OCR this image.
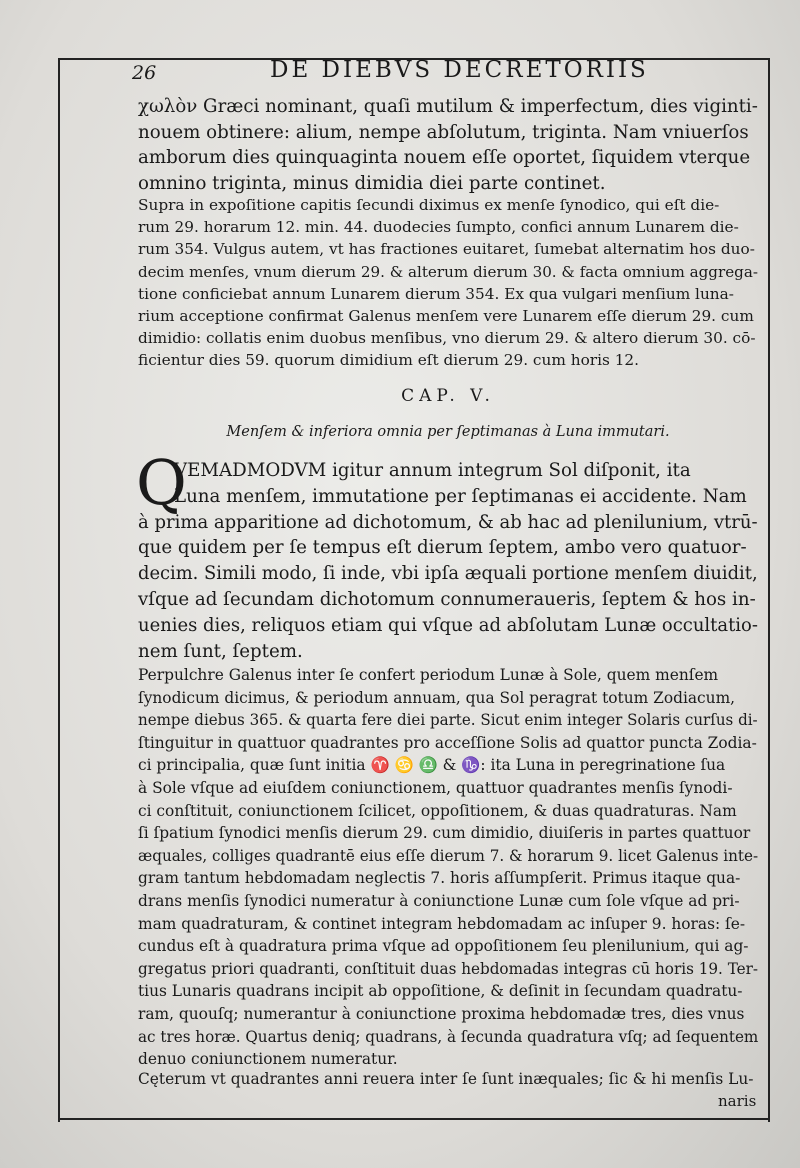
26	DE DIEBVS DECRETORIIS
χωλὸν Græci nominant, quaſi mutilum & imperfectum, dies viginti-
nouem obtinere: alium, nempe abſolutum, triginta. Nam vniuerſos
amborum dies quinquaginta nouem eſſe oportet, ſiquidem vterque
omnino triginta, minus dimidia diei parte continet.
Supra in expoſitione capitis ſecundi diximus ex menſe ſynodico, qui eſt die-
rum 29. horarum 12. min. 44. duodecies ſumpto, confici annum Lunarem die-
rum 354. Vulgus autem, vt has fractiones euitaret, ſumebat alternatim hos duo-
decim menſes, vnum dierum 29. & alterum dierum 30. & facta omnium aggrega-
tione conficiebat annum Lunarem dierum 354. Ex qua vulgari menſium luna-
rium acceptione confirmat Galenus menſem vere Lunarem eſſe dierum 29. cum
dimidio: collatis enim duobus menſibus, vno dierum 29. & altero dierum 30. cō-
ficientur dies 59. quorum dimidium eſt dierum 29. cum horis 12.
CAP. V.
Menſem & inferiora omnia per ſeptimanas à Luna immutari.
Q
VEMADMODVM igitur annum integrum Sol diſponit, ita
Luna menſem, immutatione per ſeptimanas ei accidente. Nam
à prima apparitione ad dichotomum, & ab hac ad plenilunium, vtrū-
que quidem per ſe tempus eſt dierum ſeptem, ambo vero quatuor-
decim. Simili modo, ſi inde, vbi ipſa æquali portione menſem diuidit,
vſque ad ſecundam dichotomum connumeraueris, ſeptem & hos in-
uenies dies, reliquos etiam qui vſque ad abſolutam Lunæ occultatio-
nem ſunt, ſeptem.
Perpulchre Galenus inter ſe confert periodum Lunæ à Sole, quem menſem
ſynodicum dicimus, & periodum annuam, qua Sol peragrat totum Zodiacum,
nempe diebus 365. & quarta fere diei parte. Sicut enim integer Solaris curſus di-
ſtinguitur in quattuor quadrantes pro acceſſione Solis ad quattor puncta Zodia-
ci principalia, quæ ſunt initia ♈ ♋ ♎ & ♑: ita Luna in peregrinatione ſua
à Sole vſque ad eiuſdem coniunctionem, quattuor quadrantes menſis ſynodi-
ci conſtituit, coniunctionem ſcilicet, oppoſitionem, & duas quadraturas. Nam
ſi ſpatium ſynodici menſis dierum 29. cum dimidio, diuiſeris in partes quattuor
æquales, colliges quadrantē eius eſſe dierum 7. & horarum 9. licet Galenus inte-
gram tantum hebdomadam neglectis 7. horis aſſumpſerit. Primus itaque qua-
drans menſis ſynodici numeratur à coniunctione Lunæ cum ſole vſque ad pri-
mam quadraturam, & continet integram hebdomadam ac inſuper 9. horas: ſe-
cundus eſt à quadratura prima vſque ad oppoſitionem ſeu plenilunium, qui ag-
gregatus priori quadranti, conſtituit duas hebdomadas integras cū horis 19. Ter-
tius Lunaris quadrans incipit ab oppoſitione, & deſinit in ſecundam quadratu-
ram, quouſq; numerantur à coniunctione proxima hebdomadæ tres, dies vnus
ac tres horæ. Quartus deniq; quadrans, à ſecunda quadratura vſq; ad ſequentem
denuo coniunctionem numeratur.
Cęterum vt quadrantes anni reuera inter ſe ſunt inæquales; ſic & hi menſis Lu-
naris
